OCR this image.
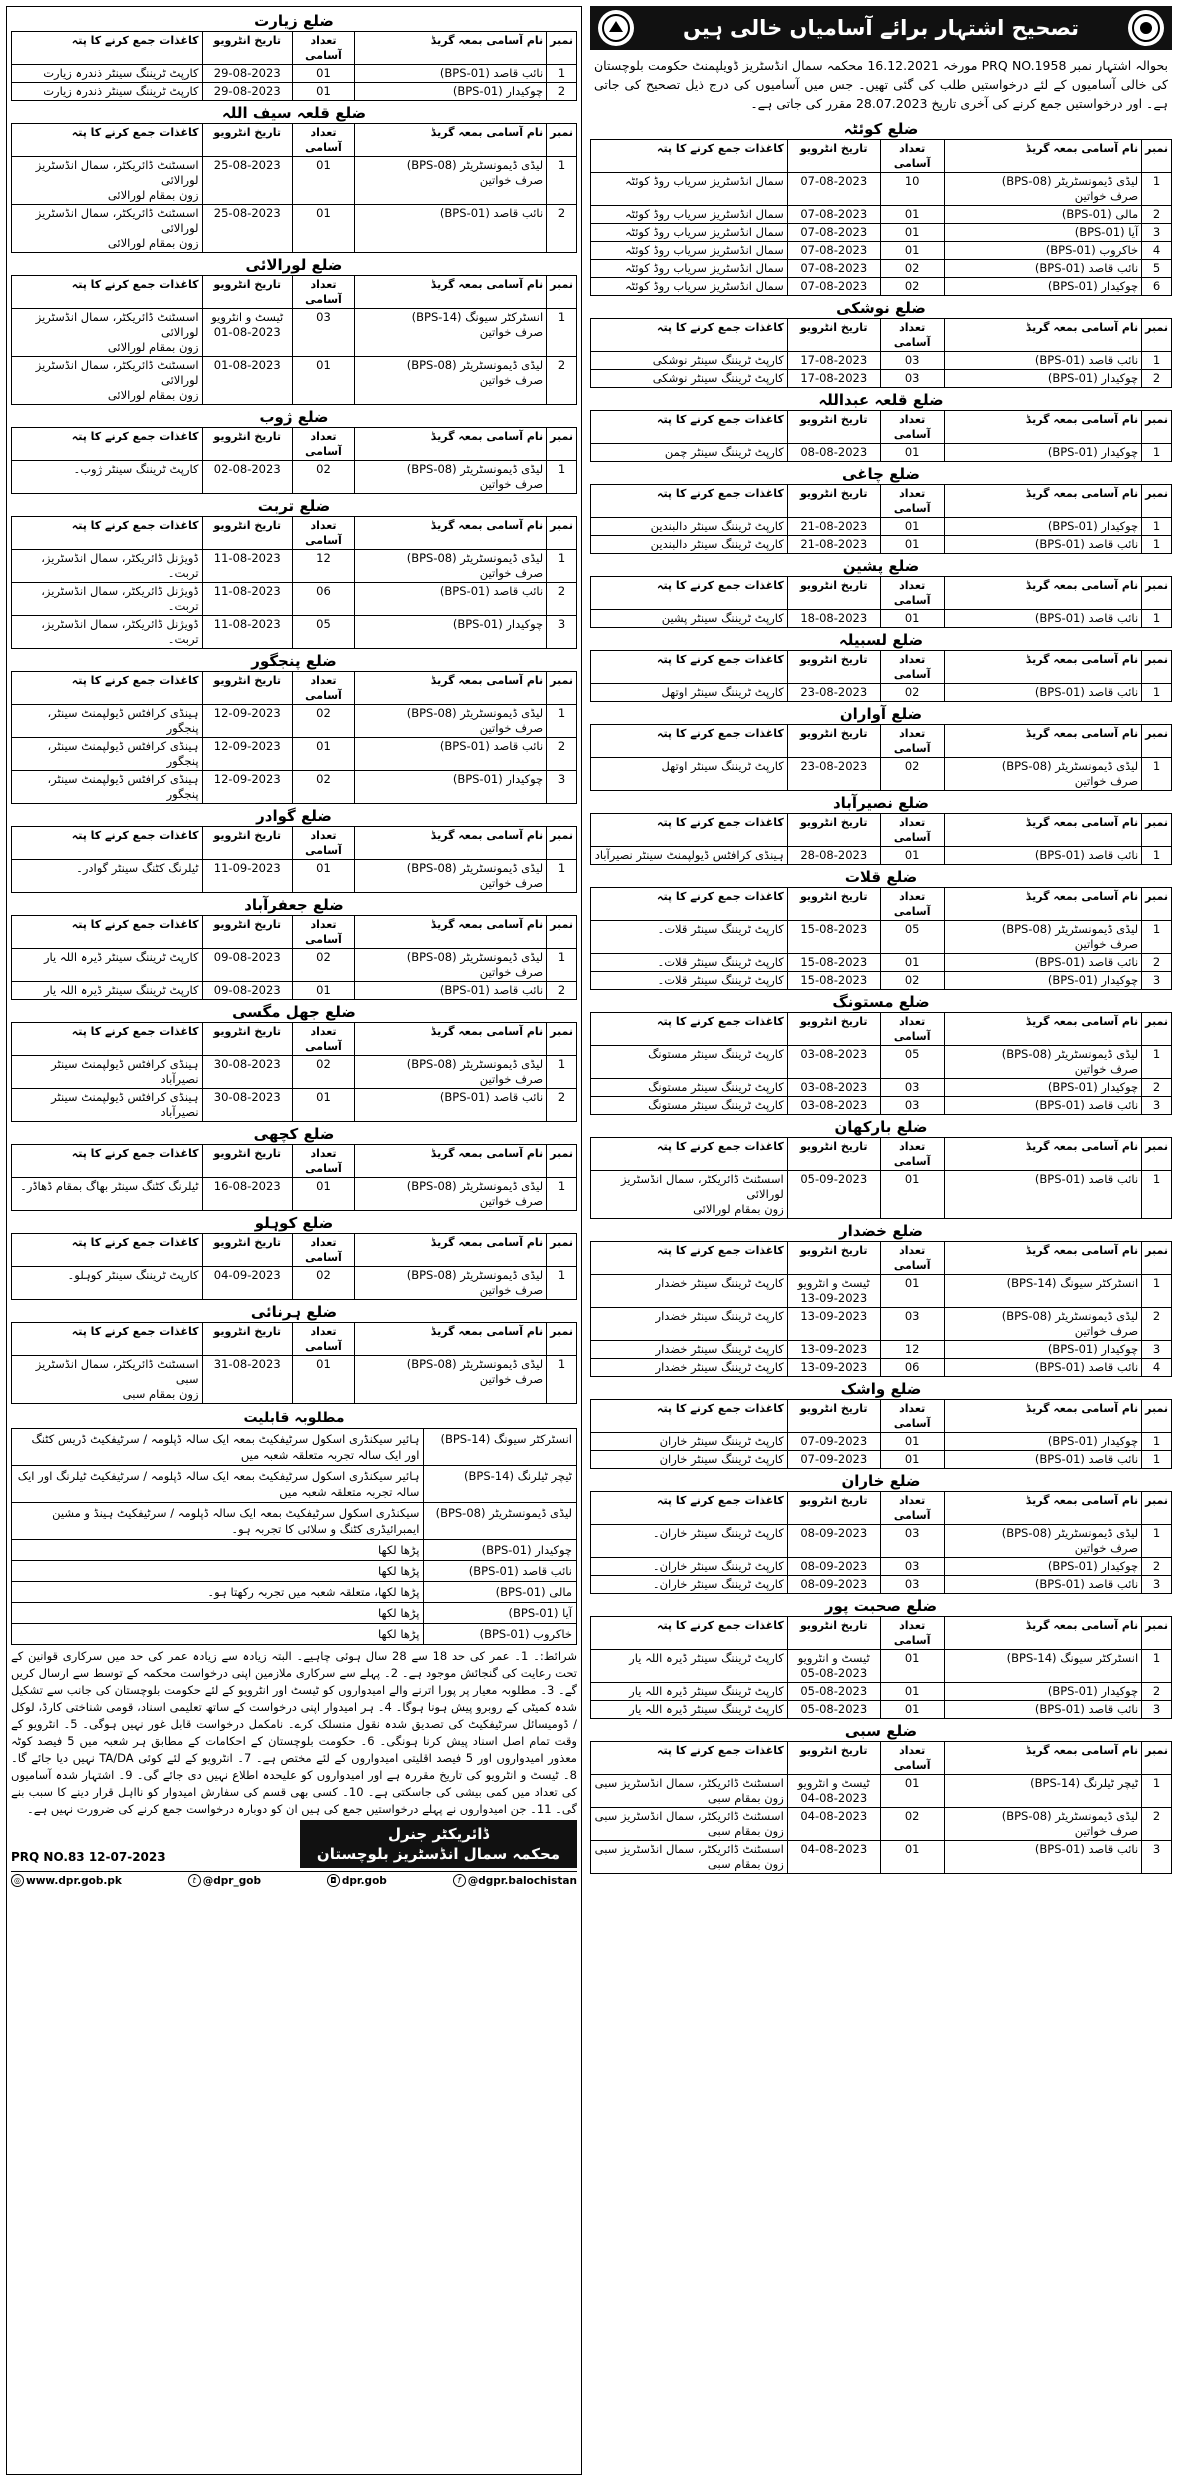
ضلع زیارت
نمبر	نام آسامی بمعہ گریڈ	تعداد آسامی	تاریخ انٹرویو	کاغذات جمع کرنے کا پتہ

1	نائب قاصد (BPS-01)	01	29-08-2023	کارپٹ ٹریننگ سینٹر ذندرہ زیارت

2	چوکیدار (BPS-01)	01	29-08-2023	کارپٹ ٹریننگ سینٹر ذندرہ زیارت
ضلع قلعہ سیف اللہ
نمبر	نام آسامی بمعہ گریڈ	تعداد آسامی	تاریخ انٹرویو	کاغذات جمع کرنے کا پتہ

1	لیڈی ڈیمونسٹریٹر (BPS-08)
صرف خواتین	01	25-08-2023	اسسٹنٹ ڈائریکٹر، سمال انڈسٹریز لورالائی
زون بمقام لورالائی

2	نائب قاصد (BPS-01)	01	25-08-2023	اسسٹنٹ ڈائریکٹر، سمال انڈسٹریز لورالائی
زون بمقام لورالائی
ضلع لورالائی
نمبر	نام آسامی بمعہ گریڈ	تعداد آسامی	تاریخ انٹرویو	کاغذات جمع کرنے کا پتہ

1	انسٹرکٹر سیونگ (BPS-14)
صرف خواتین	03	ٹیسٹ و انٹرویو
01-08-2023	اسسٹنٹ ڈائریکٹر، سمال انڈسٹریز لورالائی
زون بمقام لورالائی

2	لیڈی ڈیمونسٹریٹر (BPS-08)
صرف خواتین	01	01-08-2023	اسسٹنٹ ڈائریکٹر، سمال انڈسٹریز لورالائی
زون بمقام لورالائی
ضلع ژوب
نمبر	نام آسامی بمعہ گریڈ	تعداد آسامی	تاریخ انٹرویو	کاغذات جمع کرنے کا پتہ

1	لیڈی ڈیمونسٹریٹر (BPS-08)
صرف خواتین	02	02-08-2023	کارپٹ ٹریننگ سینٹر ژوب۔
ضلع تربت
نمبر	نام آسامی بمعہ گریڈ	تعداد آسامی	تاریخ انٹرویو	کاغذات جمع کرنے کا پتہ

1	لیڈی ڈیمونسٹریٹر (BPS-08)
صرف خواتین	12	11-08-2023	ڈویژنل ڈائریکٹر، سمال انڈسٹریز،
تربت۔

2	نائب قاصد (BPS-01)	06	11-08-2023	ڈویژنل ڈائریکٹر، سمال انڈسٹریز،
تربت۔

3	چوکیدار (BPS-01)	05	11-08-2023	ڈویژنل ڈائریکٹر، سمال انڈسٹریز،
تربت۔
ضلع پنجگور
نمبر	نام آسامی بمعہ گریڈ	تعداد آسامی	تاریخ انٹرویو	کاغذات جمع کرنے کا پتہ

1	لیڈی ڈیمونسٹریٹر (BPS-08)
صرف خواتین	02	12-09-2023	ہینڈی کرافٹس ڈیولپمنٹ سینٹر، پنجگور

2	نائب قاصد (BPS-01)	01	12-09-2023	ہینڈی کرافٹس ڈیولپمنٹ سینٹر، پنجگور

3	چوکیدار (BPS-01)	02	12-09-2023	ہینڈی کرافٹس ڈیولپمنٹ سینٹر، پنجگور
ضلع گوادر
نمبر	نام آسامی بمعہ گریڈ	تعداد آسامی	تاریخ انٹرویو	کاغذات جمع کرنے کا پتہ

1	لیڈی ڈیمونسٹریٹر (BPS-08)
صرف خواتین	01	11-09-2023	ٹیلرنگ کٹنگ سینٹر گوادر۔
ضلع جعفرآباد
نمبر	نام آسامی بمعہ گریڈ	تعداد آسامی	تاریخ انٹرویو	کاغذات جمع کرنے کا پتہ

1	لیڈی ڈیمونسٹریٹر (BPS-08)
صرف خواتین	02	09-08-2023	کارپٹ ٹریننگ سینٹر ڈیرہ اللہ یار

2	نائب قاصد (BPS-01)	01	09-08-2023	کارپٹ ٹریننگ سینٹر ڈیرہ اللہ یار
ضلع جھل مگسی
نمبر	نام آسامی بمعہ گریڈ	تعداد آسامی	تاریخ انٹرویو	کاغذات جمع کرنے کا پتہ

1	لیڈی ڈیمونسٹریٹر (BPS-08)
صرف خواتین	02	30-08-2023	ہینڈی کرافٹس ڈیولپمنٹ سینٹر نصیرآباد

2	نائب قاصد (BPS-01)	01	30-08-2023	ہینڈی کرافٹس ڈیولپمنٹ سینٹر نصیرآباد
ضلع کچھی
نمبر	نام آسامی بمعہ گریڈ	تعداد آسامی	تاریخ انٹرویو	کاغذات جمع کرنے کا پتہ

1	لیڈی ڈیمونسٹریٹر (BPS-08)
صرف خواتین	01	16-08-2023	ٹیلرنگ کٹنگ سینٹر بھاگ بمقام ڈھاڈر۔
ضلع کوہلو
نمبر	نام آسامی بمعہ گریڈ	تعداد آسامی	تاریخ انٹرویو	کاغذات جمع کرنے کا پتہ

1	لیڈی ڈیمونسٹریٹر (BPS-08)
صرف خواتین	02	04-09-2023	کارپٹ ٹریننگ سینٹر کوہلو۔
ضلع ہرنائی
نمبر	نام آسامی بمعہ گریڈ	تعداد آسامی	تاریخ انٹرویو	کاغذات جمع کرنے کا پتہ

1	لیڈی ڈیمونسٹریٹر (BPS-08)
صرف خواتین	01	31-08-2023	اسسٹنٹ ڈائریکٹر، سمال انڈسٹریز سبی
زون بمقام سبی
مطلوبہ قابلیت
انسٹرکٹر سیونگ (BPS-14)	ہائیر سیکنڈری اسکول سرٹیفکیٹ بمعہ ایک سالہ ڈپلومہ / سرٹیفکیٹ ڈریس کٹنگ اور ایک سالہ تجربہ متعلقہ شعبہ میں
ٹیچر ٹیلرنگ (BPS-14)	ہائیر سیکنڈری اسکول سرٹیفکیٹ بمعہ ایک سالہ ڈپلومہ / سرٹیفکیٹ ٹیلرنگ اور ایک سالہ تجربہ متعلقہ شعبہ میں
لیڈی ڈیمونسٹریٹر (BPS-08)	سیکنڈری اسکول سرٹیفکیٹ بمعہ ایک سالہ ڈپلومہ / سرٹیفکیٹ ہینڈ و مشین ایمبرائیڈری کٹنگ و سلائی کا تجربہ ہو۔
چوکیدار (BPS-01)	پڑھا لکھا
نائب قاصد (BPS-01)	پڑھا لکھا
مالی (BPS-01)	پڑھا لکھا، متعلقہ شعبہ میں تجربہ رکھتا ہو۔
آیا (BPS-01)	پڑھا لکھا
خاکروب (BPS-01)	پڑھا لکھا
شرائط:۔ 1۔ عمر کی حد 18 سے 28 سال ہوئی چاہیے۔ البتہ زیادہ سے زیادہ عمر کی حد میں سرکاری قوانین کے تحت رعایت کی گنجائش موجود ہے۔ 2۔ پہلے سے سرکاری ملازمین اپنی درخواست محکمہ کے توسط سے ارسال کریں گے۔ 3۔ مطلوبہ معیار پر پورا اترنے والے امیدواروں کو ٹیسٹ اور انٹرویو کے لئے حکومت بلوچستان کی جانب سے تشکیل شدہ کمیٹی کے روبرو پیش ہونا ہوگا۔ 4۔ ہر امیدوار اپنی درخواست کے ساتھ تعلیمی اسناد، قومی شناختی کارڈ، لوکل / ڈومیسائل سرٹیفکیٹ کی تصدیق شدہ نقول منسلک کرے۔ نامکمل درخواست قابل غور نہیں ہوگی۔ 5۔ انٹرویو کے وقت تمام اصل اسناد پیش کرنا ہونگی۔ 6۔ حکومت بلوچستان کے احکامات کے مطابق ہر شعبہ میں 5 فیصد کوٹہ معذور امیدواروں اور 5 فیصد اقلیتی امیدواروں کے لئے مختص ہے۔ 7۔ انٹرویو کے لئے کوئی TA/DA نہیں دیا جائے گا۔ 8۔ ٹیسٹ و انٹرویو کی تاریخ مقررہ ہے اور امیدواروں کو علیحدہ اطلاع نہیں دی جائے گی۔ 9۔ اشتہار شدہ آسامیوں کی تعداد میں کمی بیشی کی جاسکتی ہے۔ 10۔ کسی بھی قسم کی سفارش امیدوار کو نااہل قرار دینے کا سبب بنے گی۔ 11۔ جن امیدواروں نے پہلے درخواستیں جمع کی ہیں ان کو دوبارہ درخواست جمع کرنے کی ضرورت نہیں ہے۔
PRQ NO.83 12-07-2023
ڈائریکٹر جنرل
محکمہ سمال انڈسٹریز بلوچستان
◎ www.dpr.gob.pk	t @dpr_gob	◘ dpr.gob	f @dgpr.balochistan
تصحیح اشتہار برائے آسامیاں خالی ہیں
بحوالہ اشتہار نمبر PRQ NO.1958 مورخہ 16.12.2021 محکمہ سمال انڈسٹریز ڈویلپمنٹ حکومت بلوچستان کی خالی آسامیوں کے لئے درخواستیں طلب کی گئی تھیں۔ جس میں آسامیوں کی درج ذیل تصحیح کی جاتی ہے۔ اور درخواستیں جمع کرنے کی آخری تاریخ 28.07.2023 مقرر کی جاتی ہے۔
ضلع کوئٹہ
نمبر	نام آسامی بمعہ گریڈ	تعداد آسامی	تاریخ انٹرویو	کاغذات جمع کرنے کا پتہ

1	لیڈی ڈیمونسٹریٹر (BPS-08)
صرف خواتین	10	07-08-2023	سمال انڈسٹریز سریاب روڈ کوئٹہ

2	مالی (BPS-01)	01	07-08-2023	سمال انڈسٹریز سریاب روڈ کوئٹہ

3	آیا (BPS-01)	01	07-08-2023	سمال انڈسٹریز سریاب روڈ کوئٹہ

4	خاکروب (BPS-01)	01	07-08-2023	سمال انڈسٹریز سریاب روڈ کوئٹہ

5	نائب قاصد (BPS-01)	02	07-08-2023	سمال انڈسٹریز سریاب روڈ کوئٹہ

6	چوکیدار (BPS-01)	02	07-08-2023	سمال انڈسٹریز سریاب روڈ کوئٹہ
ضلع نوشکی
نمبر	نام آسامی بمعہ گریڈ	تعداد آسامی	تاریخ انٹرویو	کاغذات جمع کرنے کا پتہ

1	نائب قاصد (BPS-01)	03	17-08-2023	کارپٹ ٹریننگ سینٹر نوشکی

2	چوکیدار (BPS-01)	03	17-08-2023	کارپٹ ٹریننگ سینٹر نوشکی
ضلع قلعہ عبداللہ
نمبر	نام آسامی بمعہ گریڈ	تعداد آسامی	تاریخ انٹرویو	کاغذات جمع کرنے کا پتہ

1	چوکیدار (BPS-01)	01	08-08-2023	کارپٹ ٹریننگ سینٹر چمن
ضلع چاغی
نمبر	نام آسامی بمعہ گریڈ	تعداد آسامی	تاریخ انٹرویو	کاغذات جمع کرنے کا پتہ

1	چوکیدار (BPS-01)	01	21-08-2023	کارپٹ ٹریننگ سینٹر دالبندین

1	نائب قاصد (BPS-01)	01	21-08-2023	کارپٹ ٹریننگ سینٹر دالبندین
ضلع پشین
نمبر	نام آسامی بمعہ گریڈ	تعداد آسامی	تاریخ انٹرویو	کاغذات جمع کرنے کا پتہ

1	نائب قاصد (BPS-01)	01	18-08-2023	کارپٹ ٹریننگ سینٹر پشین
ضلع لسبیلہ
نمبر	نام آسامی بمعہ گریڈ	تعداد آسامی	تاریخ انٹرویو	کاغذات جمع کرنے کا پتہ

1	نائب قاصد (BPS-01)	02	23-08-2023	کارپٹ ٹریننگ سینٹر اوتھل
ضلع آواران
نمبر	نام آسامی بمعہ گریڈ	تعداد آسامی	تاریخ انٹرویو	کاغذات جمع کرنے کا پتہ

1	لیڈی ڈیمونسٹریٹر (BPS-08)
صرف خواتین	02	23-08-2023	کارپٹ ٹریننگ سینٹر اوتھل
ضلع نصیرآباد
نمبر	نام آسامی بمعہ گریڈ	تعداد آسامی	تاریخ انٹرویو	کاغذات جمع کرنے کا پتہ

1	نائب قاصد (BPS-01)	01	28-08-2023	ہینڈی کرافٹس ڈیولپمنٹ سینٹر نصیرآباد
ضلع قلات
نمبر	نام آسامی بمعہ گریڈ	تعداد آسامی	تاریخ انٹرویو	کاغذات جمع کرنے کا پتہ

1	لیڈی ڈیمونسٹریٹر (BPS-08)
صرف خواتین	05	15-08-2023	کارپٹ ٹریننگ سینٹر قلات۔

2	نائب قاصد (BPS-01)	01	15-08-2023	کارپٹ ٹریننگ سینٹر قلات۔

3	چوکیدار (BPS-01)	02	15-08-2023	کارپٹ ٹریننگ سینٹر قلات۔
ضلع مستونگ
نمبر	نام آسامی بمعہ گریڈ	تعداد آسامی	تاریخ انٹرویو	کاغذات جمع کرنے کا پتہ

1	لیڈی ڈیمونسٹریٹر (BPS-08)
صرف خواتین	05	03-08-2023	کارپٹ ٹریننگ سینٹر مستونگ

2	چوکیدار (BPS-01)	03	03-08-2023	کارپٹ ٹریننگ سینٹر مستونگ

3	نائب قاصد (BPS-01)	03	03-08-2023	کارپٹ ٹریننگ سینٹر مستونگ
ضلع بارکھان
نمبر	نام آسامی بمعہ گریڈ	تعداد آسامی	تاریخ انٹرویو	کاغذات جمع کرنے کا پتہ

1	نائب قاصد (BPS-01)	01	05-09-2023	اسسٹنٹ ڈائریکٹر، سمال انڈسٹریز لورالائی
زون بمقام لورالائی
ضلع خضدار
نمبر	نام آسامی بمعہ گریڈ	تعداد آسامی	تاریخ انٹرویو	کاغذات جمع کرنے کا پتہ

1	انسٹرکٹر سیونگ (BPS-14)	01	ٹیسٹ و انٹرویو
13-09-2023	کارپٹ ٹریننگ سینٹر خضدار

2	لیڈی ڈیمونسٹریٹر (BPS-08)
صرف خواتین	03	13-09-2023	کارپٹ ٹریننگ سینٹر خضدار

3	چوکیدار (BPS-01)	12	13-09-2023	کارپٹ ٹریننگ سینٹر خضدار

4	نائب قاصد (BPS-01)	06	13-09-2023	کارپٹ ٹریننگ سینٹر خضدار
ضلع واشک
نمبر	نام آسامی بمعہ گریڈ	تعداد آسامی	تاریخ انٹرویو	کاغذات جمع کرنے کا پتہ

1	چوکیدار (BPS-01)	01	07-09-2023	کارپٹ ٹریننگ سینٹر خاران

1	نائب قاصد (BPS-01)	01	07-09-2023	کارپٹ ٹریننگ سینٹر خاران
ضلع خاران
نمبر	نام آسامی بمعہ گریڈ	تعداد آسامی	تاریخ انٹرویو	کاغذات جمع کرنے کا پتہ

1	لیڈی ڈیمونسٹریٹر (BPS-08)
صرف خواتین	03	08-09-2023	کارپٹ ٹریننگ سینٹر خاران۔

2	چوکیدار (BPS-01)	03	08-09-2023	کارپٹ ٹریننگ سینٹر خاران۔

3	نائب قاصد (BPS-01)	03	08-09-2023	کارپٹ ٹریننگ سینٹر خاران۔
ضلع صحبت پور
نمبر	نام آسامی بمعہ گریڈ	تعداد آسامی	تاریخ انٹرویو	کاغذات جمع کرنے کا پتہ

1	انسٹرکٹر سیونگ (BPS-14)	01	ٹیسٹ و انٹرویو
05-08-2023	کارپٹ ٹریننگ سینٹر ڈیرہ اللہ یار

2	چوکیدار (BPS-01)	01	05-08-2023	کارپٹ ٹریننگ سینٹر ڈیرہ اللہ یار

3	نائب قاصد (BPS-01)	01	05-08-2023	کارپٹ ٹریننگ سینٹر ڈیرہ اللہ یار
ضلع سبی
نمبر	نام آسامی بمعہ گریڈ	تعداد آسامی	تاریخ انٹرویو	کاغذات جمع کرنے کا پتہ

1	ٹیچر ٹیلرنگ (BPS-14)	01	ٹیسٹ و انٹرویو
04-08-2023	اسسٹنٹ ڈائریکٹر، سمال انڈسٹریز سبی
زون بمقام سبی

2	لیڈی ڈیمونسٹریٹر (BPS-08)
صرف خواتین	02	04-08-2023	اسسٹنٹ ڈائریکٹر، سمال انڈسٹریز سبی
زون بمقام سبی

3	نائب قاصد (BPS-01)	01	04-08-2023	اسسٹنٹ ڈائریکٹر، سمال انڈسٹریز سبی
زون بمقام سبی
